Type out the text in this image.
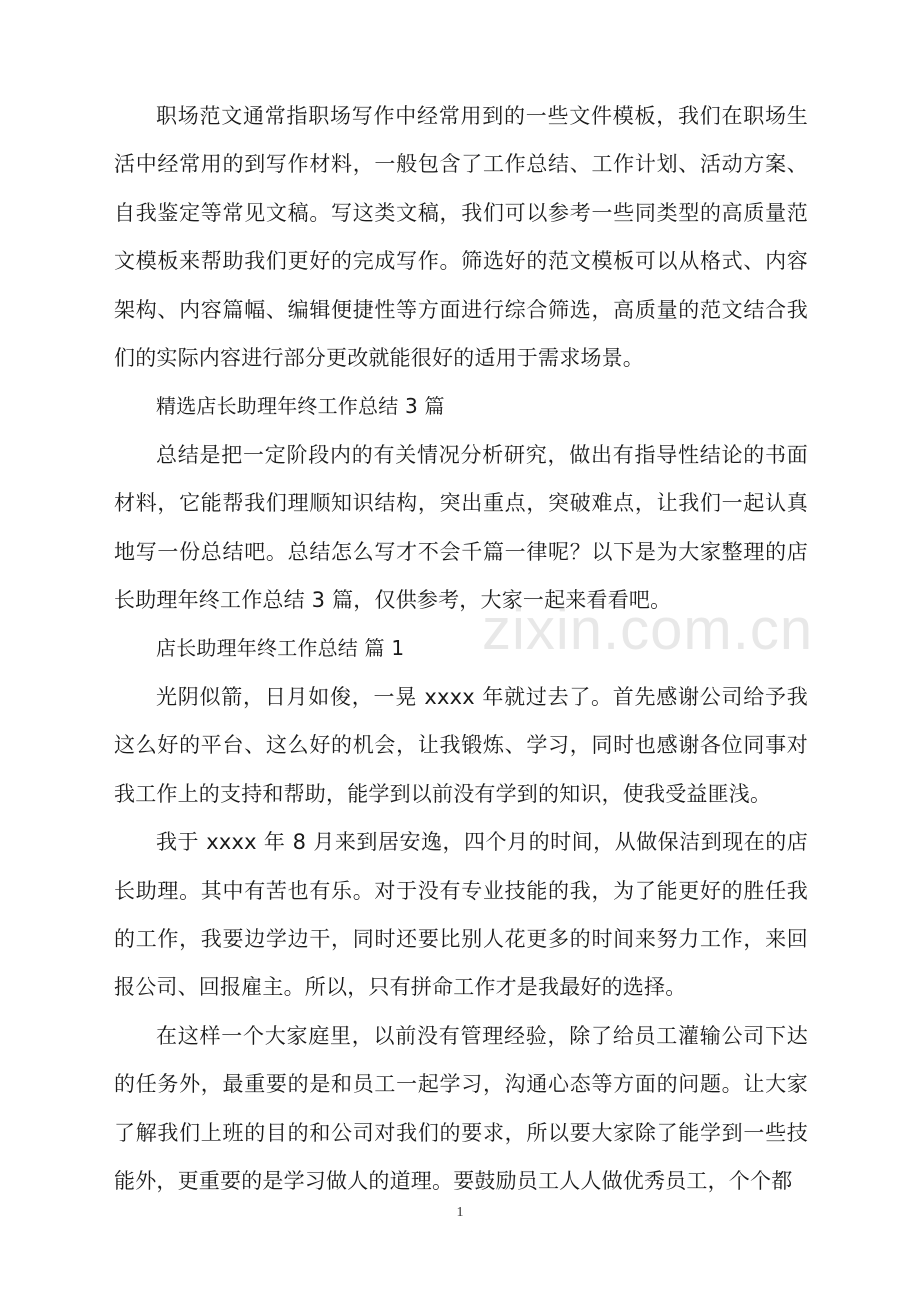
职场范文通常指职场写作中经常用到的一些文件模板，我们在职场生活中经常用的到写作材料，一般包含了工作总结、工作计划、活动方案、自我鉴定等常见文稿。写这类文稿，我们可以参考一些同类型的高质量范文模板来帮助我们更好的完成写作。筛选好的范文模板可以从格式、内容架构、内容篇幅、编辑便捷性等方面进行综合筛选，高质量的范文结合我们的实际内容进行部分更改就能很好的适用于需求场景。

精选店长助理年终工作总结 3 篇

总结是把一定阶段内的有关情况分析研究，做出有指导性结论的书面材料，它能帮我们理顺知识结构，突出重点，突破难点，让我们一起认真地写一份总结吧。总结怎么写才不会千篇一律呢？以下是为大家整理的店长助理年终工作总结 3 篇，仅供参考，大家一起来看看吧。

店长助理年终工作总结 篇 1

光阴似箭，日月如俊，一晃 xxxx 年就过去了。首先感谢公司给予我这么好的平台、这么好的机会，让我锻炼、学习，同时也感谢各位同事对我工作上的支持和帮助，能学到以前没有学到的知识，使我受益匪浅。

我于 xxxx 年 8 月来到居安逸，四个月的时间，从做保洁到现在的店长助理。其中有苦也有乐。对于没有专业技能的我，为了能更好的胜任我的工作，我要边学边干，同时还要比别人花更多的时间来努力工作，来回报公司、回报雇主。所以，只有拼命工作才是我最好的选择。

在这样一个大家庭里，以前没有管理经验，除了给员工灌输公司下达的任务外，最重要的是和员工一起学习，沟通心态等方面的问题。让大家了解我们上班的目的和公司对我们的要求，所以要大家除了能学到一些技能外，更重要的是学习做人的道理。要鼓励员工人人做优秀员工，个个都

zixin.com.cn
1
